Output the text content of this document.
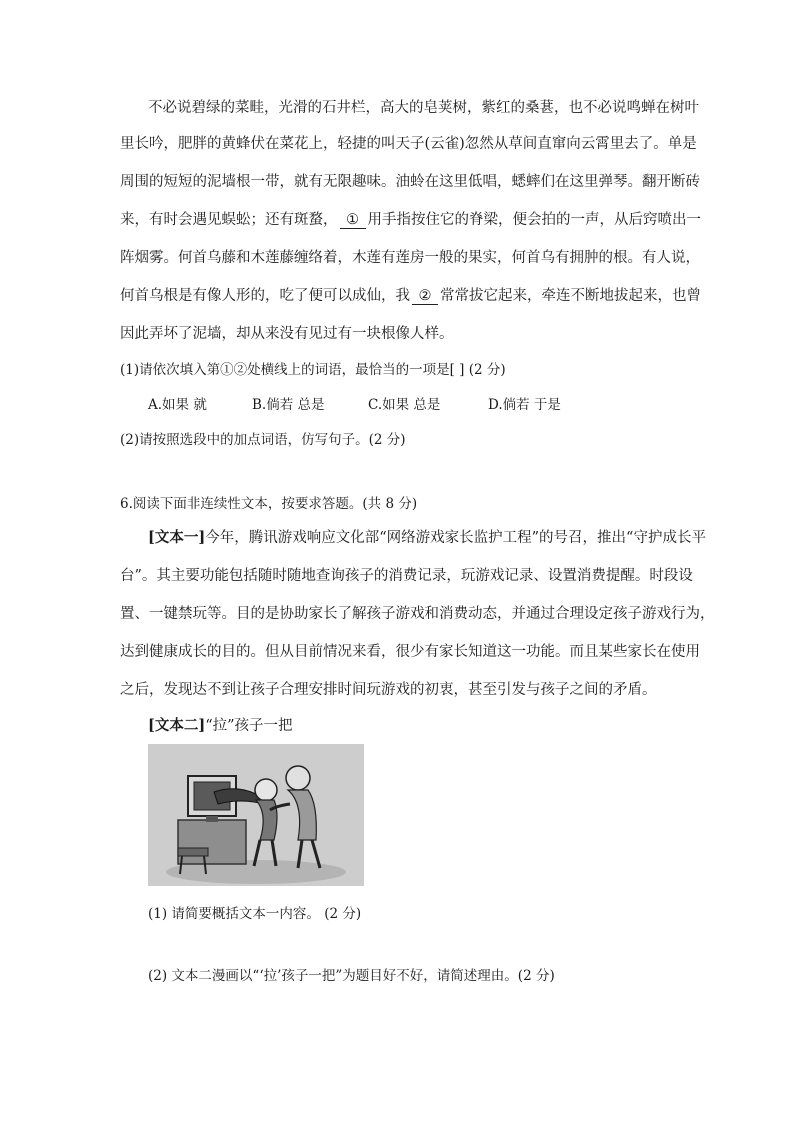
不必说碧绿的菜畦，光滑的石井栏，高大的皂荚树，紫红的桑葚，也不必说鸣蝉在树叶
里长吟，肥胖的黄蜂伏在菜花上，轻捷的叫天子(云雀)忽然从草间直窜向云霄里去了。单是
周围的短短的泥墙根一带，就有无限趣味。油蛉在这里低唱，蟋蟀们在这里弹琴。翻开断砖
来，有时会遇见蜈蚣；还有斑蝥， ① 用手指按住它的脊梁，便会拍的一声，从后窍喷出一
阵烟雾。何首乌藤和木莲藤缠络着，木莲有莲房一般的果实，何首乌有拥肿的根。有人说，
何首乌根是有像人形的，吃了便可以成仙，我 ② 常常拔它起来，牵连不断地拔起来，也曾
因此弄坏了泥墙，却从来没有见过有一块根像人样。
(1)请依次填入第①②处横线上的词语，最恰当的一项是[ ] (2 分)
A.如果 就	B.倘若 总是	C.如果 总是	D.倘若 于是
(2)请按照选段中的加点词语，仿写句子。(2 分)
6.阅读下面非连续性文本，按要求答题。(共 8 分)
[文本一]今年，腾讯游戏响应文化部“网络游戏家长监护工程”的号召，推出“守护成长平
台”。其主要功能包括随时随地查询孩子的消费记录，玩游戏记录、设置消费提醒。时段设
置、一键禁玩等。目的是协助家长了解孩子游戏和消费动态，并通过合理设定孩子游戏行为，
达到健康成长的目的。但从目前情况来看，很少有家长知道这一功能。而且某些家长在使用
之后，发现达不到让孩子合理安排时间玩游戏的初衷，甚至引发与孩子之间的矛盾。
[文本二]“拉”孩子一把
(1) 请简要概括文本一内容。 (2 分)
(2) 文本二漫画以“‘拉’孩子一把”为题目好不好，请简述理由。(2 分)
